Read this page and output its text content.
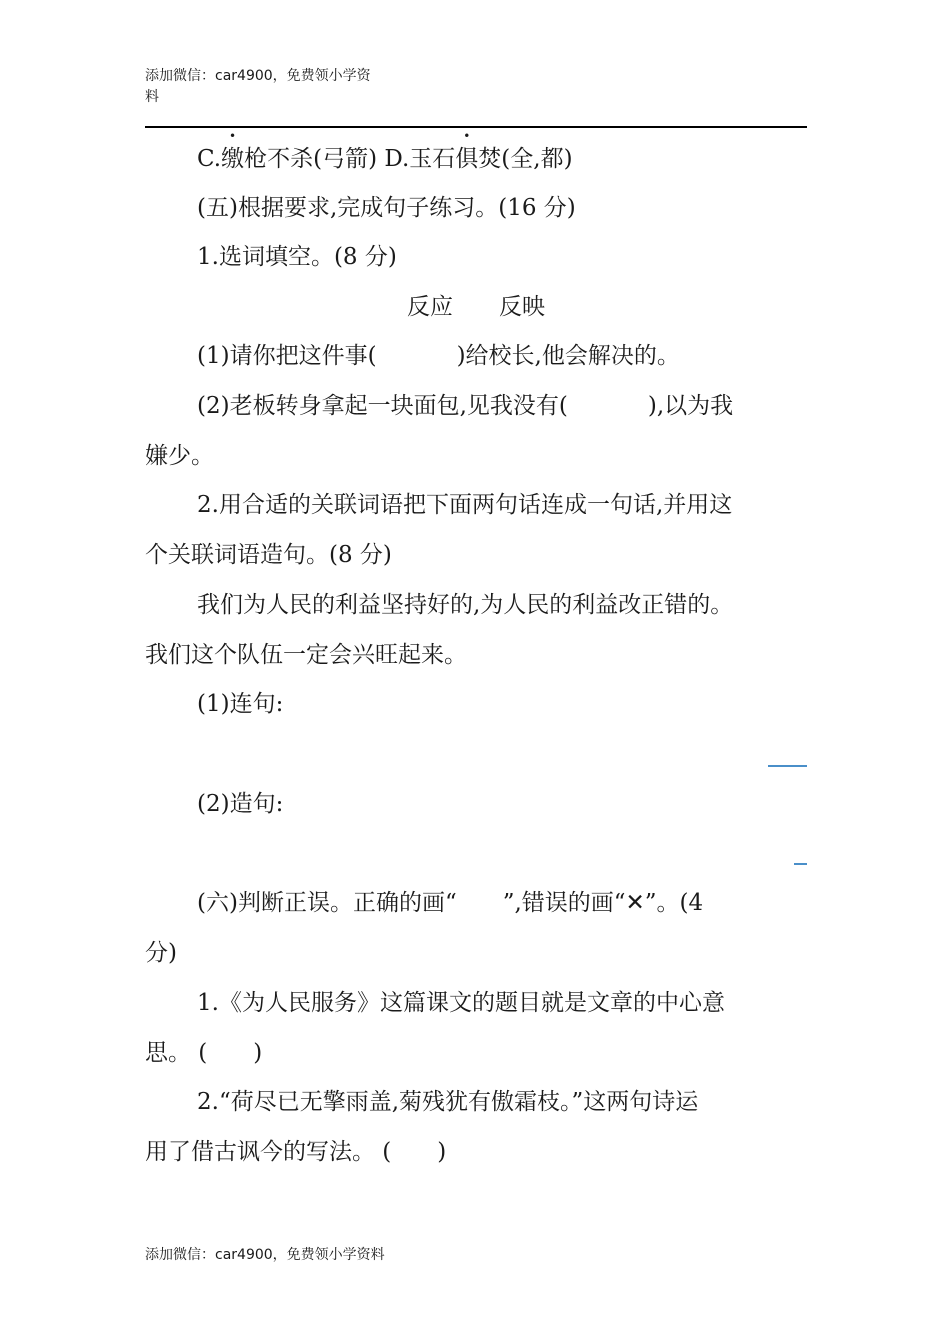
添加微信：car4900，免费领小学资
料
C.缴枪不杀(弓箭) D.玉石俱焚(全,都)
(五)根据要求,完成句子练习。(16 分)
1.选词填空。(8 分)
反应　　反映
(1)请你把这件事(	)给校长,他会解决的。
(2)老板转身拿起一块面包,见我没有(	),以为我
嫌少。
2.用合适的关联词语把下面两句话连成一句话,并用这
个关联词语造句。(8 分)
我们为人民的利益坚持好的,为人民的利益改正错的。
我们这个队伍一定会兴旺起来。
(1)连句:
(2)造句:
(六)判断正误。正确的画“　　”,错误的画“✕”。(4
分)
1.《为人民服务》这篇课文的题目就是文章的中心意
思。 (　　)
2.“荷尽已无擎雨盖,菊残犹有傲霜枝。”这两句诗运
用了借古讽今的写法。 (　　)
添加微信：car4900，免费领小学资料
